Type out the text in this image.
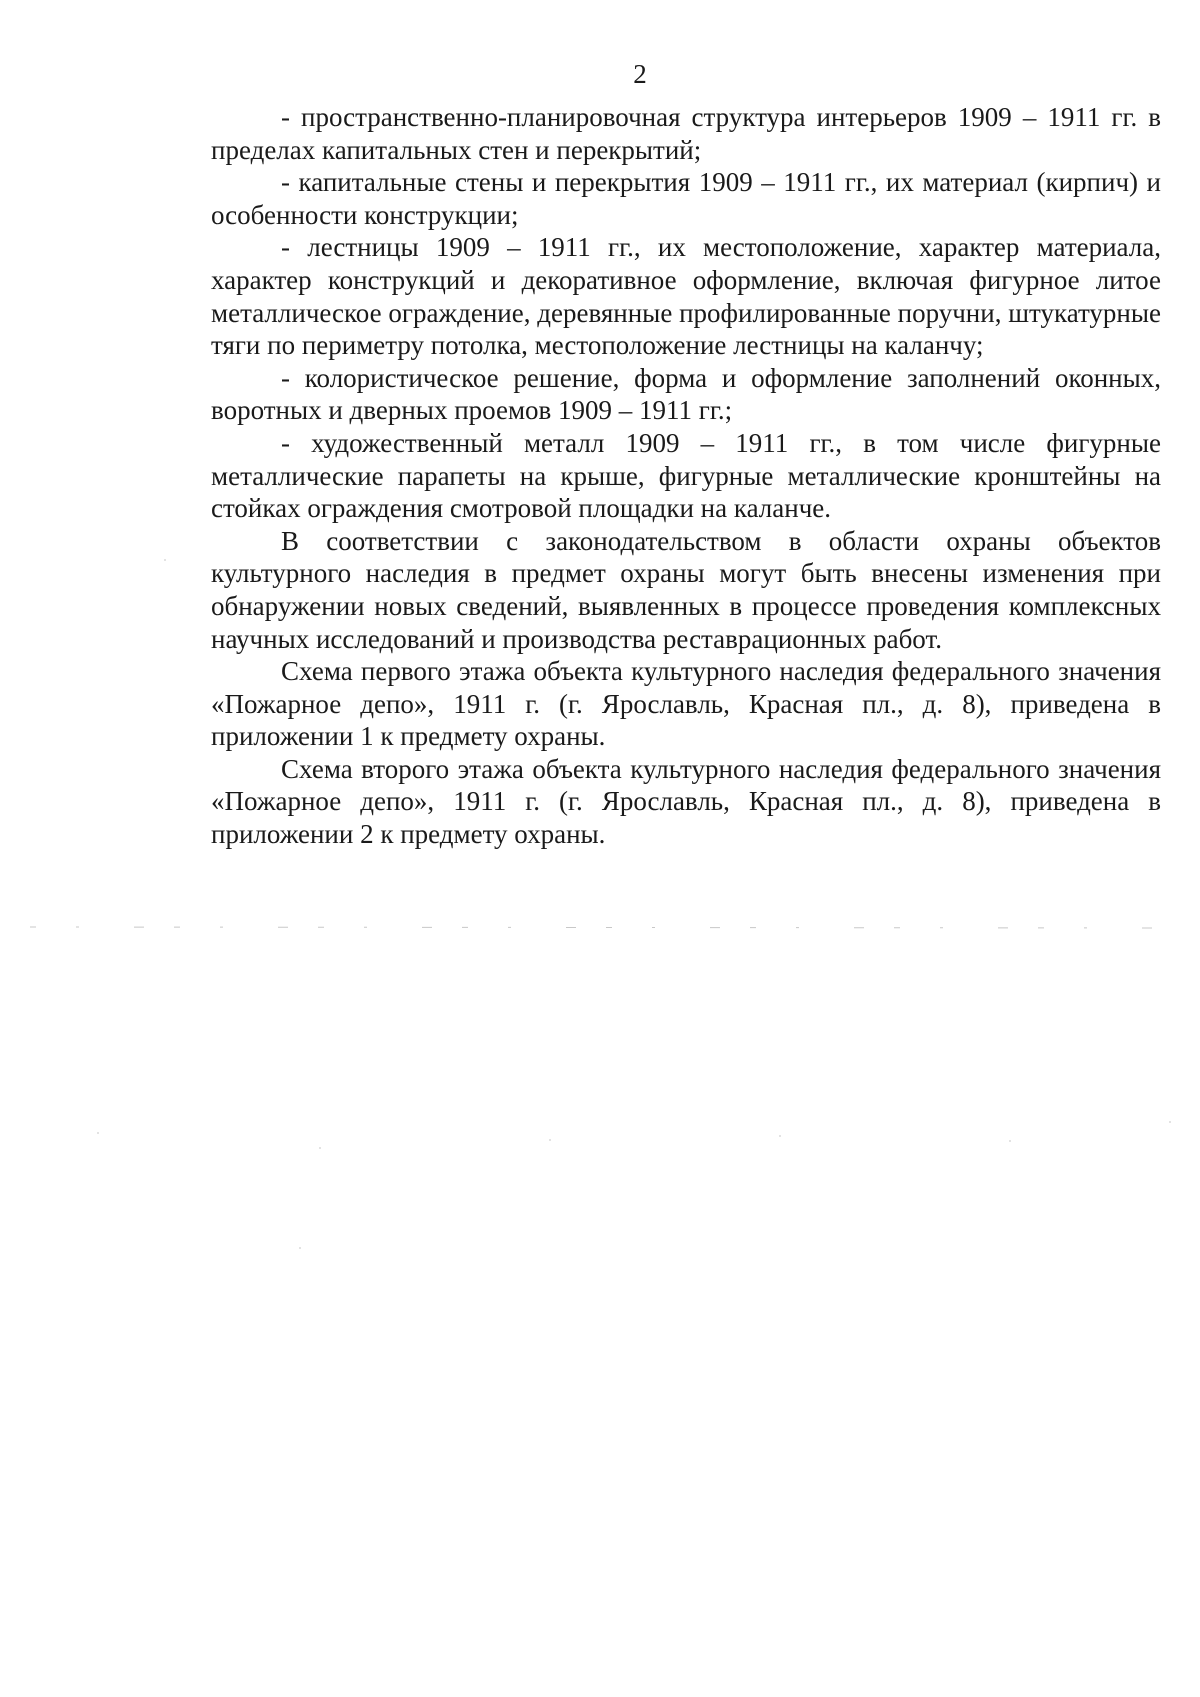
2

- пространственно-планировочная структура интерьеров 1909 – 1911 гг. в пределах капитальных стен и перекрытий;

- капитальные стены и перекрытия 1909 – 1911 гг., их материал (кирпич) и особенности конструкции;

- лестницы 1909 – 1911 гг., их местоположение, характер материала, характер конструкций и декоративное оформление, включая фигурное литое металлическое ограждение, деревянные профилированные поручни, штукатурные тяги по периметру потолка, местоположение лестницы на каланчу;

- колористическое решение, форма и оформление заполнений оконных, воротных и дверных проемов 1909 – 1911 гг.;

- художественный металл 1909 – 1911 гг., в том числе фигурные металлические парапеты на крыше, фигурные металлические кронштейны на стойках ограждения смотровой площадки на каланче.

В соответствии с законодательством в области охраны объектов культурного наследия в предмет охраны могут быть внесены изменения при обнаружении новых сведений, выявленных в процессе проведения комплексных научных исследований и производства реставрационных работ.

Схема первого этажа объекта культурного наследия федерального значения «Пожарное депо», 1911 г. (г. Ярославль, Красная пл., д. 8), приведена в приложении 1 к предмету охраны.

Схема второго этажа объекта культурного наследия федерального значения «Пожарное депо», 1911 г. (г. Ярославль, Красная пл., д. 8), приведена в приложении 2 к предмету охраны.
